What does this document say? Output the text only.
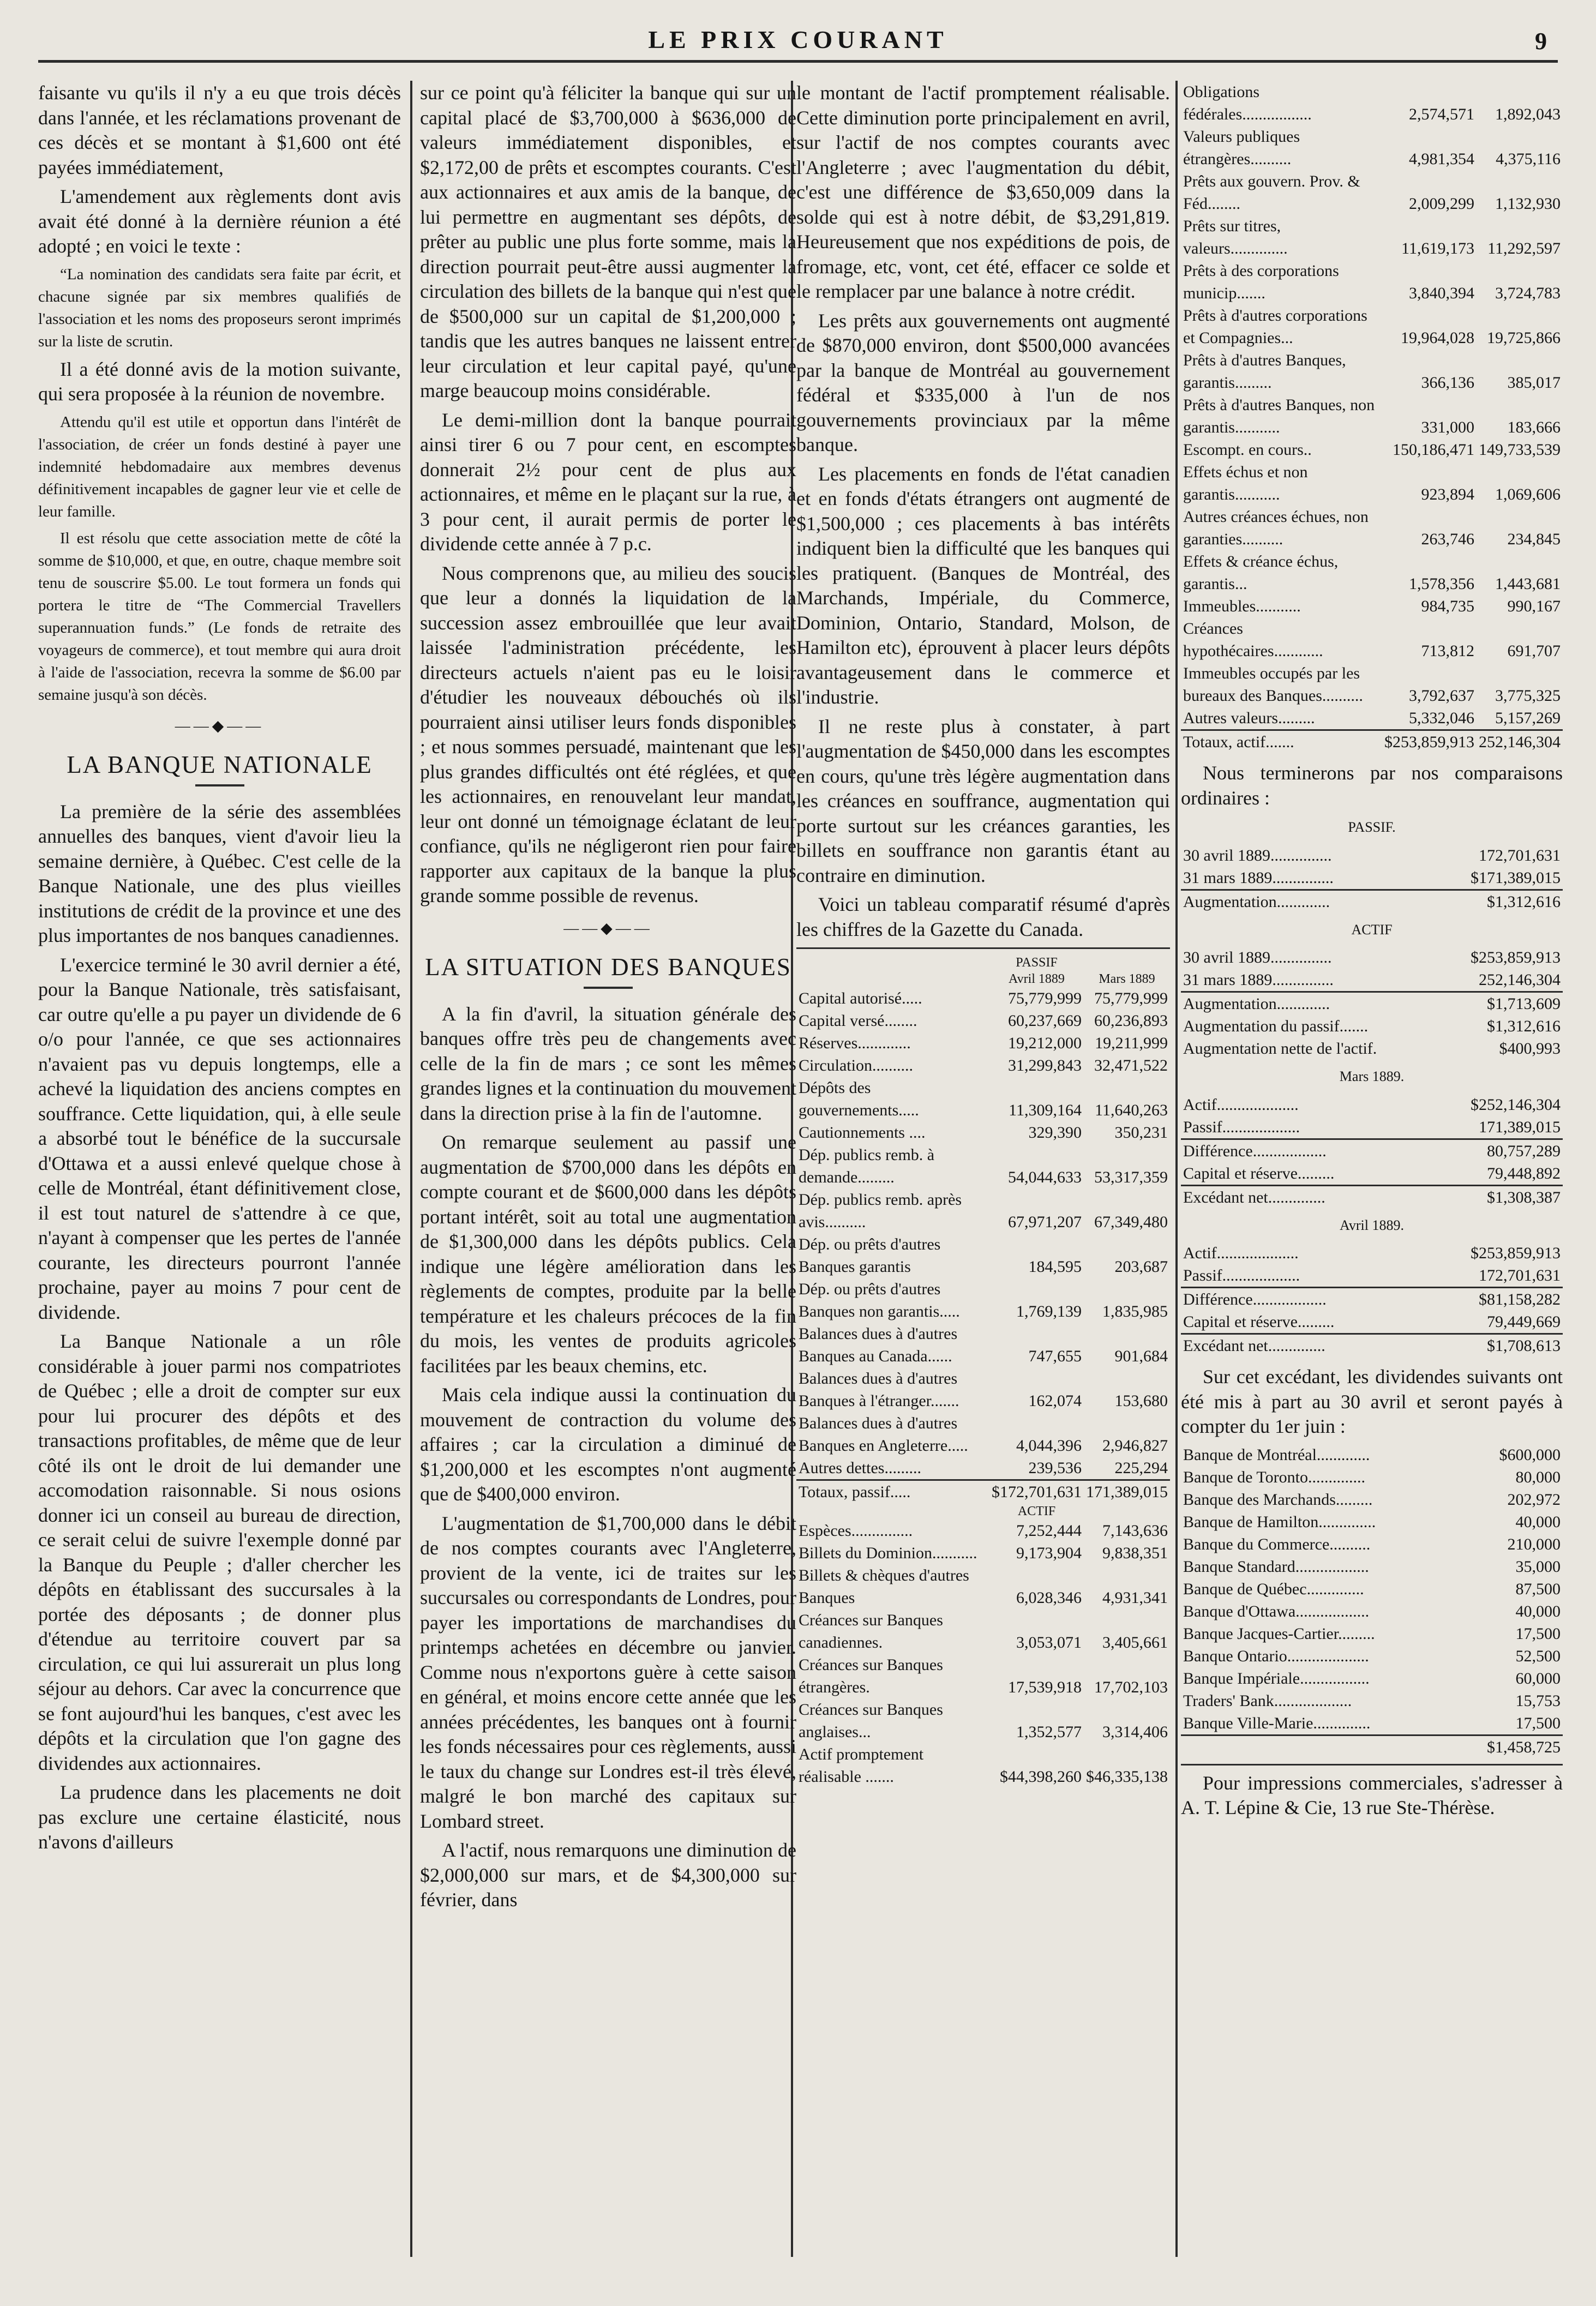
LE PRIX COURANT	9

faisante vu qu'ils il n'y a eu que trois décès dans l'année, et les réclamations provenant de ces décès et se montant à $1,600 ont été payées immédiatement,

L'amendement aux règlements dont avis avait été donné à la dernière réunion a été adopté ; en voici le texte :

“La nomination des candidats sera faite par écrit, et chacune signée par six membres qualifiés de l'association et les noms des proposeurs seront imprimés sur la liste de scrutin.

Il a été donné avis de la motion suivante, qui sera proposée à la réunion de novembre.

Attendu qu'il est utile et opportun dans l'intérêt de l'association, de créer un fonds destiné à payer une indemnité hebdomadaire aux membres devenus définitivement incapables de gagner leur vie et celle de leur famille.

Il est résolu que cette association mette de côté la somme de $10,000, et que, en outre, chaque membre soit tenu de souscrire $5.00. Le tout formera un fonds qui portera le titre de “The Commercial Travellers superannuation funds.” (Le fonds de retraite des voyageurs de commerce), et tout membre qui aura droit à l'aide de l'association, recevra la somme de $6.00 par semaine jusqu'à son décès.

——◆——
LA BANQUE NATIONALE

La première de la série des assemblées annuelles des banques, vient d'avoir lieu la semaine dernière, à Québec. C'est celle de la Banque Nationale, une des plus vieilles institutions de crédit de la province et une des plus importantes de nos banques canadiennes.

L'exercice terminé le 30 avril dernier a été, pour la Banque Nationale, très satisfaisant, car outre qu'elle a pu payer un dividende de 6 o/o pour l'année, ce que ses actionnaires n'avaient pas vu depuis longtemps, elle a achevé la liquidation des anciens comptes en souffrance. Cette liquidation, qui, à elle seule a absorbé tout le bénéfice de la succursale d'Ottawa et a aussi enlevé quelque chose à celle de Montréal, étant définitivement close, il est tout naturel de s'attendre à ce que, n'ayant à compenser que les pertes de l'année courante, les directeurs pourront l'année prochaine, payer au moins 7 pour cent de dividende.

La Banque Nationale a un rôle considérable à jouer parmi nos compatriotes de Québec ; elle a droit de compter sur eux pour lui procurer des dépôts et des transactions profitables, de même que de leur côté ils ont le droit de lui demander une accomodation raisonnable. Si nous osions donner ici un conseil au bureau de direction, ce serait celui de suivre l'exemple donné par la Banque du Peuple ; d'aller chercher les dépôts en établissant des succursales à la portée des déposants ; de donner plus d'étendue au territoire couvert par sa circulation, ce qui lui assurerait un plus long séjour au dehors. Car avec la concurrence que se font aujourd'hui les banques, c'est avec les dépôts et la circulation que l'on gagne des dividendes aux actionnaires.

La prudence dans les placements ne doit pas exclure une certaine élasticité, nous n'avons d'ailleurs

sur ce point qu'à féliciter la banque qui sur un capital placé de $3,700,000 à $636,000 de valeurs immédiatement disponibles, et $2,172,00 de prêts et escomptes courants. C'est aux actionnaires et aux amis de la banque, de lui permettre en augmentant ses dépôts, de prêter au public une plus forte somme, mais la direction pourrait peut-être aussi augmenter la circulation des billets de la banque qui n'est que de $500,000 sur un capital de $1,200,000 ; tandis que les autres banques ne laissent entrer leur circulation et leur capital payé, qu'une marge beaucoup moins considérable.

Le demi-million dont la banque pourrait ainsi tirer 6 ou 7 pour cent, en escomptes donnerait 2½ pour cent de plus aux actionnaires, et même en le plaçant sur la rue, à 3 pour cent, il aurait permis de porter le dividende cette année à 7 p.c.

Nous comprenons que, au milieu des soucis que leur a donnés la liquidation de la succession assez embrouillée que leur avait laissée l'administration précédente, les directeurs actuels n'aient pas eu le loisir d'étudier les nouveaux débouchés où ils pourraient ainsi utiliser leurs fonds disponibles ; et nous sommes persuadé, maintenant que les plus grandes difficultés ont été réglées, et que les actionnaires, en renouvelant leur mandat, leur ont donné un témoignage éclatant de leur confiance, qu'ils ne négligeront rien pour faire rapporter aux capitaux de la banque la plus grande somme possible de revenus.

——◆——
LA SITUATION DES BANQUES

A la fin d'avril, la situation générale des banques offre très peu de changements avec celle de la fin de mars ; ce sont les mêmes grandes lignes et la continuation du mouvement dans la direction prise à la fin de l'automne.

On remarque seulement au passif une augmentation de $700,000 dans les dépôts en compte courant et de $600,000 dans les dépôts portant intérêt, soit au total une augmentation de $1,300,000 dans les dépôts publics. Cela indique une légère amélioration dans les règlements de comptes, produite par la belle température et les chaleurs précoces de la fin du mois, les ventes de produits agricoles facilitées par les beaux chemins, etc.

Mais cela indique aussi la continuation du mouvement de contraction du volume des affaires ; car la circulation a diminué de $1,200,000 et les escomptes n'ont augmenté que de $400,000 environ.

L'augmentation de $1,700,000 dans le débit de nos comptes courants avec l'Angleterre, provient de la vente, ici de traites sur les succursales ou correspondants de Londres, pour payer les importations de marchandises du printemps achetées en décembre ou janvier. Comme nous n'exportons guère à cette saison en général, et moins encore cette année que les années précédentes, les banques ont à fournir les fonds nécessaires pour ces règlements, aussi le taux du change sur Londres est-il très élevé, malgré le bon marché des capitaux sur Lombard street.

A l'actif, nous remarquons une diminution de $2,000,000 sur mars, et de $4,300,000 sur février, dans

le montant de l'actif promptement réalisable. Cette diminution porte principalement en avril, sur l'actif de nos comptes courants avec l'Angleterre ; avec l'augmentation du débit, c'est une différence de $3,650,009 dans la solde qui est à notre débit, de $3,291,819. Heureusement que nos expéditions de pois, de fromage, etc, vont, cet été, effacer ce solde et le remplacer par une balance à notre crédit.

Les prêts aux gouvernements ont augmenté de $870,000 environ, dont $500,000 avancées par la banque de Montréal au gouvernement fédéral et $335,000 à l'un de nos gouvernements provinciaux par la même banque.

Les placements en fonds de l'état canadien et en fonds d'états étrangers ont augmenté de $1,500,000 ; ces placements à bas intérêts indiquent bien la difficulté que les banques qui les pratiquent. (Banques de Montréal, des Marchands, Impériale, du Commerce, Dominion, Ontario, Standard, Molson, de Hamilton etc), éprouvent à placer leurs dépôts avantageusement dans le commerce et l'industrie.

Il ne reste plus à constater, à part l'augmentation de $450,000 dans les escomptes en cours, qu'une très légère augmentation dans les créances en souffrance, augmentation qui porte surtout sur les créances garanties, les billets en souffrance non garantis étant au contraire en diminution.

Voici un tableau comparatif résumé d'après les chiffres de la Gazette du Canada.

	PASSIF	
	Avril 1889	Mars 1889
Capital autorisé.....	75,779,999	75,779,999
Capital versé........	60,237,669	60,236,893
Réserves.............	19,212,000	19,211,999
Circulation..........	31,299,843	32,471,522
Dépôts des gouvernements.....	11,309,164	11,640,263
Cautionnements ....	329,390	350,231
Dép. publics remb. à demande.........	54,044,633	53,317,359
Dép. publics remb. après avis..........	67,971,207	67,349,480
Dép. ou prêts d'autres Banques garantis	184,595	203,687
Dép. ou prêts d'autres Banques non garantis.....	1,769,139	1,835,985
Balances dues à d'autres Banques au Canada......	747,655	901,684
Balances dues à d'autres Banques à l'étranger.......	162,074	153,680
Balances dues à d'autres Banques en Angleterre.....	4,044,396	2,946,827
Autres dettes.........	239,536	225,294
Totaux, passif.....	$172,701,631	171,389,015
	ACTIF	
Espèces...............	7,252,444	7,143,636
Billets du Dominion...........	9,173,904	9,838,351
Billets & chèques d'autres Banques	6,028,346	4,931,341
Créances sur Banques canadiennes.	3,053,071	3,405,661
Créances sur Banques étrangères.	17,539,918	17,702,103
Créances sur Banques anglaises...	1,352,577	3,314,406
Actif promptement réalisable .......	$44,398,260	$46,335,138
Obligations fédérales.................	2,574,571	1,892,043
Valeurs publiques étrangères..........	4,981,354	4,375,116
Prêts aux gouvern. Prov. & Féd........	2,009,299	1,132,930
Prêts sur titres, valeurs..............	11,619,173	11,292,597
Prêts à des corporations municip.......	3,840,394	3,724,783
Prêts à d'autres corporations et Compagnies...	19,964,028	19,725,866
Prêts à d'autres Banques, garantis.........	366,136	385,017
Prêts à d'autres Banques, non garantis...........	331,000	183,666
Escompt. en cours..	150,186,471	149,733,539
Effets échus et non garantis...........	923,894	1,069,606
Autres créances échues, non garanties..........	263,746	234,845
Effets & créance échus, garantis...	1,578,356	1,443,681
Immeubles...........	984,735	990,167
Créances hypothécaires............	713,812	691,707
Immeubles occupés par les bureaux des Banques..........	3,792,637	3,775,325
Autres valeurs.........	5,332,046	5,157,269
Totaux, actif.......	$253,859,913	252,146,304

Nous terminerons par nos comparaisons ordinaires :

PASSIF.
30 avril 1889...............	172,701,631
31 mars 1889...............	$171,389,015
Augmentation.............	$1,312,616
ACTIF
30 avril 1889...............	$253,859,913
31 mars 1889...............	252,146,304
Augmentation.............	$1,713,609
Augmentation du passif.......	$1,312,616
Augmentation nette de l'actif.	$400,993
Mars 1889.
Actif....................	$252,146,304
Passif...................	171,389,015
Différence..................	80,757,289
Capital et réserve.........	79,448,892
Excédant net..............	$1,308,387
Avril 1889.
Actif....................	$253,859,913
Passif...................	172,701,631
Différence..................	$81,158,282
Capital et réserve.........	79,449,669
Excédant net..............	$1,708,613

Sur cet excédant, les dividendes suivants ont été mis à part au 30 avril et seront payés à compter du 1er juin :

Banque de Montréal.............	$600,000
Banque de Toronto..............	80,000
Banque des Marchands.........	202,972
Banque de Hamilton..............	40,000
Banque du Commerce..........	210,000
Banque Standard..................	35,000
Banque de Québec..............	87,500
Banque d'Ottawa..................	40,000
Banque Jacques-Cartier.........	17,500
Banque Ontario....................	52,500
Banque Impériale.................	60,000
Traders' Bank...................	15,753
Banque Ville-Marie..............	17,500
	$1,458,725

Pour impressions commerciales, s'adresser à A. T. Lépine & Cie, 13 rue Ste-Thérèse.
